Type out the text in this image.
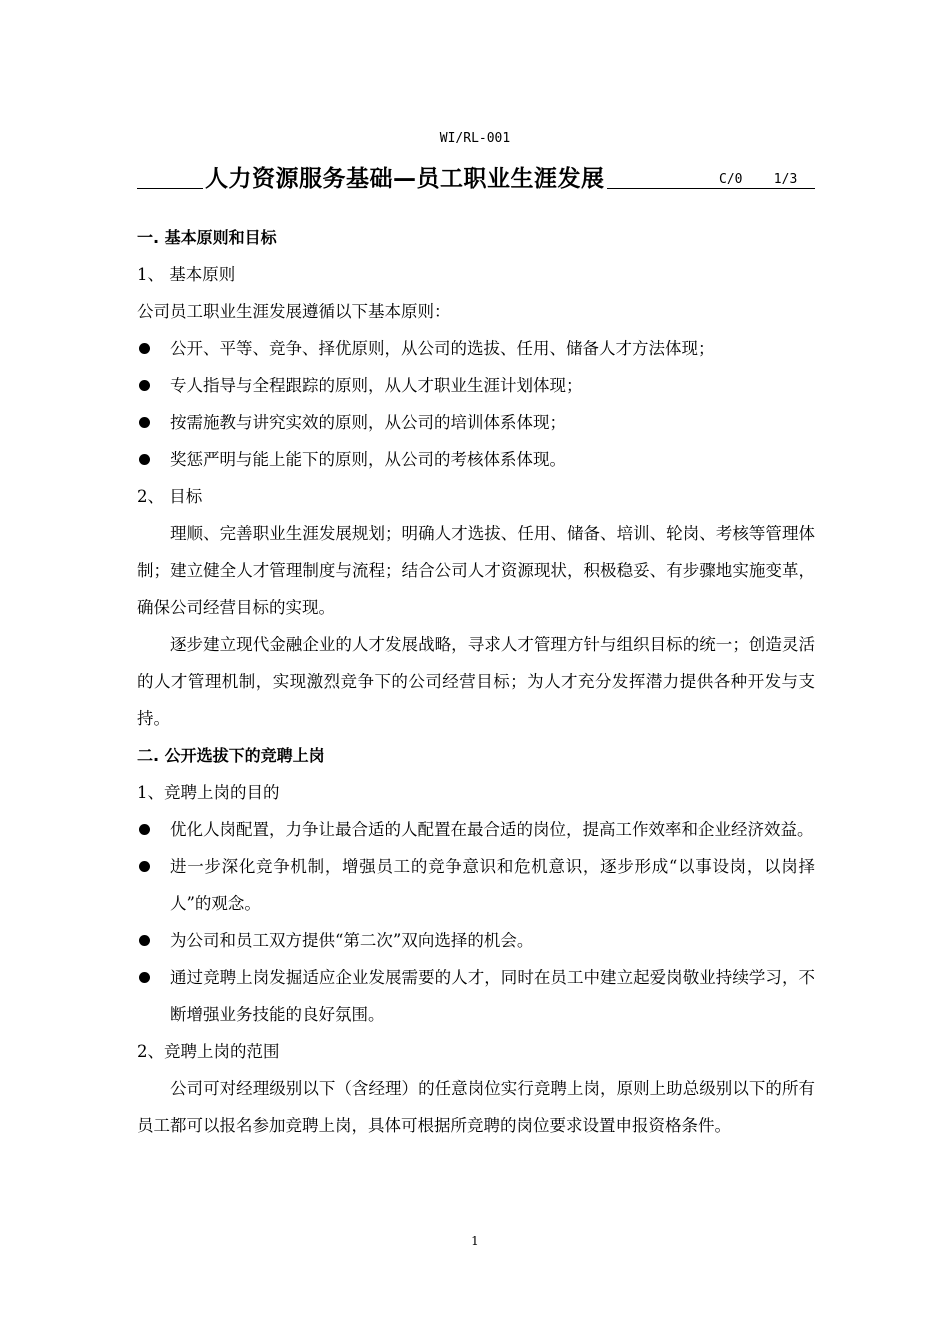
WI/RL-001
人力资源服务基础—员工职业生涯发展	C/0    1/3
一. 基本原则和目标
1、 基本原则
公司员工职业生涯发展遵循以下基本原则：
公开、平等、竞争、择优原则，从公司的选拔、任用、储备人才方法体现；
专人指导与全程跟踪的原则，从人才职业生涯计划体现；
按需施教与讲究实效的原则，从公司的培训体系体现；
奖惩严明与能上能下的原则，从公司的考核体系体现。
2、 目标
理顺、完善职业生涯发展规划；明确人才选拔、任用、储备、培训、轮岗、考核等管理体制；建立健全人才管理制度与流程；结合公司人才资源现状，积极稳妥、有步骤地实施变革，确保公司经营目标的实现。
逐步建立现代金融企业的人才发展战略，寻求人才管理方针与组织目标的统一；创造灵活的人才管理机制，实现激烈竞争下的公司经营目标；为人才充分发挥潜力提供各种开发与支持。
二. 公开选拔下的竞聘上岗
1、竞聘上岗的目的
优化人岗配置，力争让最合适的人配置在最合适的岗位，提高工作效率和企业经济效益。
进一步深化竞争机制，增强员工的竞争意识和危机意识，逐步形成“以事设岗，以岗择人”的观念。
为公司和员工双方提供“第二次”双向选择的机会。
通过竞聘上岗发掘适应企业发展需要的人才，同时在员工中建立起爱岗敬业持续学习，不断增强业务技能的良好氛围。
2、竞聘上岗的范围
公司可对经理级别以下（含经理）的任意岗位实行竞聘上岗，原则上助总级别以下的所有员工都可以报名参加竞聘上岗，具体可根据所竞聘的岗位要求设置申报资格条件。
1
